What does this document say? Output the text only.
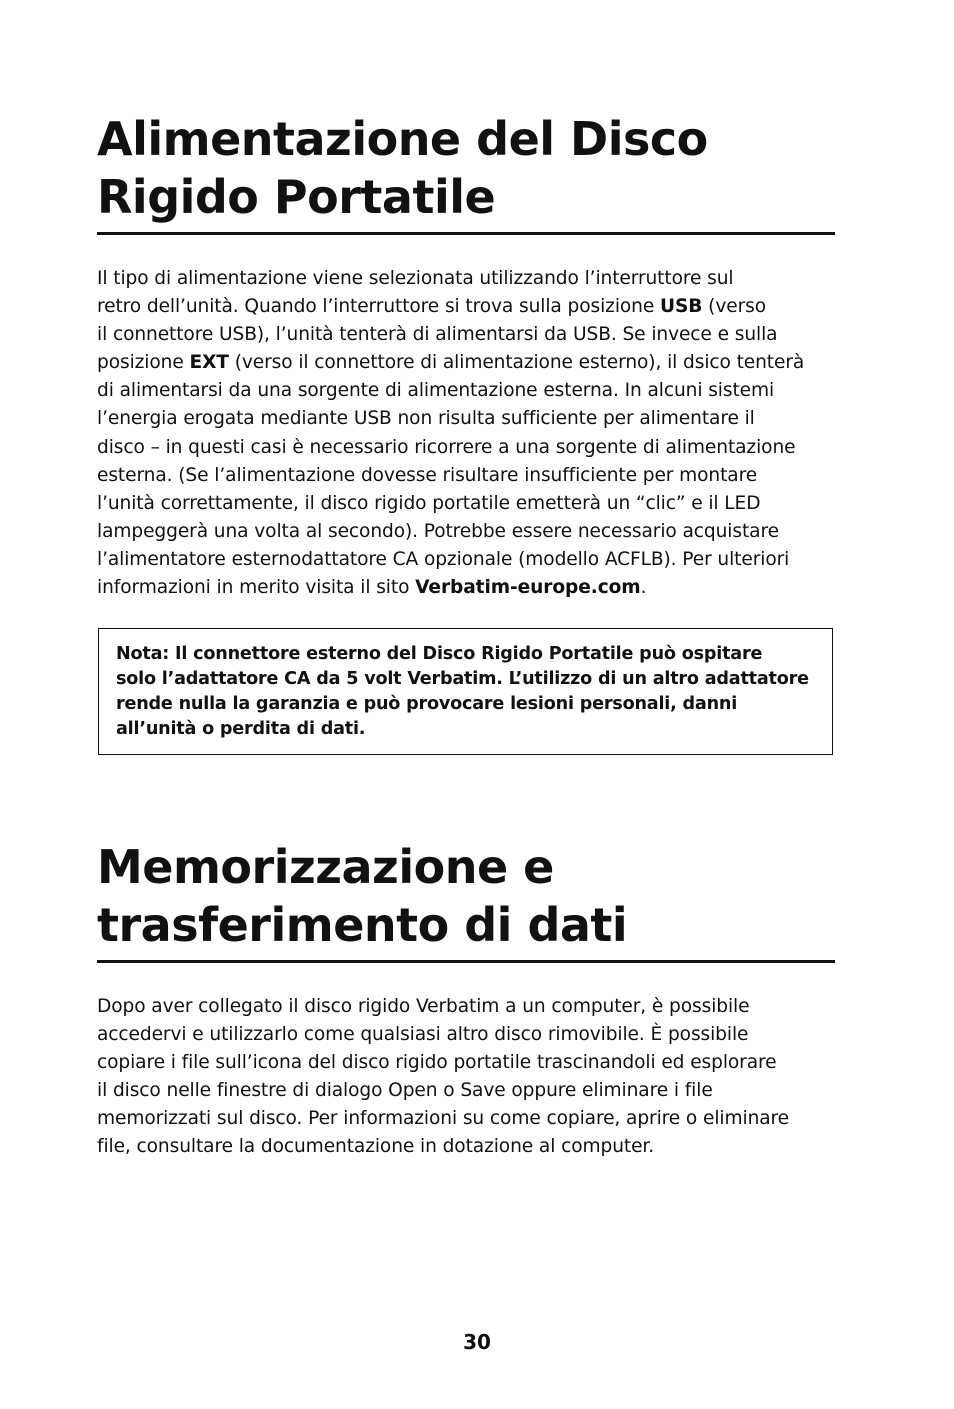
Alimentazione del Disco
Rigido Portatile

Il tipo di alimentazione viene selezionata utilizzando l’interruttore sul
retro dell’unità. Quando l’interruttore si trova sulla posizione USB (verso
il connettore USB), l’unità tenterà di alimentarsi da USB. Se invece e sulla
posizione EXT (verso il connettore di alimentazione esterno), il dsico tenterà
di alimentarsi da una sorgente di alimentazione esterna. In alcuni sistemi
l’energia erogata mediante USB non risulta sufficiente per alimentare il
disco – in questi casi è necessario ricorrere a una sorgente di alimentazione
esterna. (Se l’alimentazione dovesse risultare insufficiente per montare
l’unità correttamente, il disco rigido portatile emetterà un “clic” e il LED
lampeggerà una volta al secondo). Potrebbe essere necessario acquistare
l’alimentatore esternodattatore CA opzionale (modello ACFLB). Per ulteriori
informazioni in merito visita il sito Verbatim-europe.com.

Nota: Il connettore esterno del Disco Rigido Portatile può ospitare
solo l’adattatore CA da 5 volt Verbatim. L’utilizzo di un altro adattatore
rende nulla la garanzia e può provocare lesioni personali, danni
all’unità o perdita di dati.
Memorizzazione e
trasferimento di dati

Dopo aver collegato il disco rigido Verbatim a un computer, è possibile
accedervi e utilizzarlo come qualsiasi altro disco rimovibile. È possibile
copiare i file sull’icona del disco rigido portatile trascinandoli ed esplorare
il disco nelle finestre di dialogo Open o Save oppure eliminare i file
memorizzati sul disco. Per informazioni su come copiare, aprire o eliminare
file, consultare la documentazione in dotazione al computer.

30
